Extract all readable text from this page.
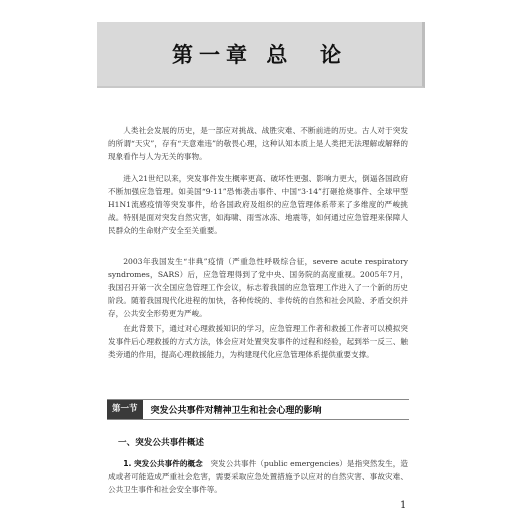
第一章 总  论

人类社会发展的历史，是一部应对挑战、战胜灾难、不断前进的历史。古人对于突发的所谓“天灾”，存有“天意难违”的敬畏心理，这种认知本质上是人类把无法理解或解释的现象看作与人为无关的事物。

进入21世纪以来，突发事件发生概率更高、破坏性更强、影响力更大，倒逼各国政府不断加强应急管理。如美国“9·11”恐怖袭击事件、中国“3·14”打砸抢烧事件、全球甲型H1N1流感疫情等突发事件，给各国政府及组织的应急管理体系带来了多维度的严峻挑战。特别是面对突发自然灾害，如海啸、雨雪冰冻、地震等，如何通过应急管理来保障人民群众的生命财产安全至关重要。

2003年我国发生“非典”疫情（严重急性呼吸综合征，severe acute respiratory syndromes，SARS）后，应急管理得到了党中央、国务院的高度重视。2005年7月，我国召开第一次全国应急管理工作会议，标志着我国的应急管理工作进入了一个新的历史阶段。随着我国现代化进程的加快，各种传统的、非传统的自然和社会风险、矛盾交织并存，公共安全形势更为严峻。

在此背景下，通过对心理救援知识的学习，应急管理工作者和救援工作者可以模拟突发事件后心理救援的方式方法，体会应对处置突发事件的过程和经验，起到举一反三、触类旁通的作用，提高心理救援能力，为构建现代化应急管理体系提供重要支撑。

第一节	突发公共事件对精神卫生和社会心理的影响

一、突发公共事件概述

1. 突发公共事件的概念　 突发公共事件（public emergencies）是指突然发生，造成或者可能造成严重社会危害，需要采取应急处置措施予以应对的自然灾害、事故灾难、公共卫生事件和社会安全事件等。

1
